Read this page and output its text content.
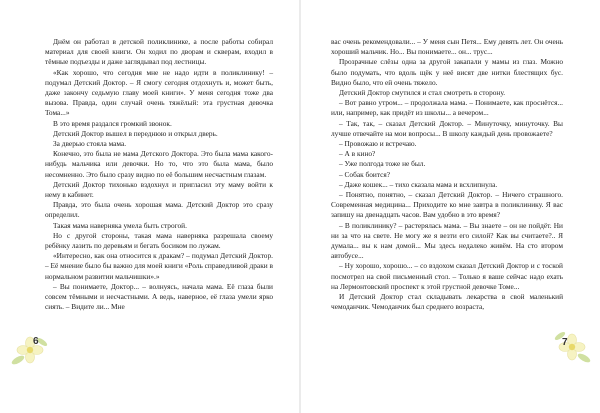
Днём он работал в детской поликлинике, а после работы собирал материал для своей книги. Он ходил по дворам и скверам, входил в тёмные подъезды и даже заглядывал под лестницы.

«Как хорошо, что сегодня мне не надо идти в поликлинику! – подумал Детский Доктор. – Я смогу сегодня отдохнуть и, может быть, даже закончу седьмую главу моей книги». У меня сегодня тоже два вызова. Правда, один случай очень тяжёлый: эта грустная девочка Тома...»

В это время раздался громкий звонок.

Детский Доктор вышел в переднюю и открыл дверь.

За дверью стояла мама.

Конечно, это была не мама Детского Доктора. Это была мама какого-нибудь мальчика или девочки. Но то, что это была мама, было несомненно. Это было сразу видно по её большим несчастным глазам.

Детский Доктор тихонько вздохнул и пригласил эту маму войти к нему в кабинет.

Правда, это была очень хорошая мама. Детский Доктор это сразу определил.

Такая мама наверняка умела быть строгой.

Но с другой стороны, такая мама наверняка разрешала своему ребёнку лазить по деревьям и бегать босиком по лужам.

«Интересно, как она относится к дракам? – подумал Детский Доктор. – Её мнение было бы важно для моей книги «Роль справедливой драки в нормальном развитии мальчишки».»

– Вы понимаете, Доктор... – волнуясь, начала мама. Её глаза были совсем тёмными и несчастными. А ведь, наверное, её глаза умели ярко сиять. – Видите ли... Мне

6

вас очень рекомендовали... – У меня сын Петя... Ему девять лет. Он очень хороший мальчик. Но... Вы понимаете... он... трус...

Прозрачные слёзы одна за другой закапали у мамы из глаз. Можно было подумать, что вдоль щёк у неё висят две нитки блестящих бус. Видно было, что ей очень тяжело.

Детский Доктор смутился и стал смотреть в сторону.

– Вот равно утром... – продолжала мама. – Понимаете, как проснётся... или, например, как придёт из школы... а вечером...

– Так, так, – сказал Детский Доктор. – Минуточку, минуточку. Вы лучше отвечайте на мои вопросы... В школу каждый день провожаете?

– Провожаю и встречаю.

– А в кино?

– Уже полгода тоже не был.

– Собак боится?

– Даже кошек... – тихо сказала мама и всхлипнула.

– Понятно, понятно, – сказал Детский Доктор. – Ничего страшного. Современная медицина... Приходите ко мне завтра в поликлинику. Я вас запишу на двенадцать часов. Вам удобно в это время?

– В поликлинику? – растерялась мама. – Вы знаете – он не пойдёт. Ни ни за что на свете. Не могу же я везти его силой? Как вы считаете?.. Я думала... вы к нам домой... Мы здесь недалеко живём. На сто втором автобусе...

– Ну хорошо, хорошо... – со вздохом сказал Детский Доктор и с тоской посмотрел на свой письменный стол. – Только я ваше сейчас надо ехать на Лермонтовский проспект к этой грустной девочке Томе...

И Детский Доктор стал складывать лекарства в свой маленький чемоданчик. Чемоданчик был среднего возраста,

7
